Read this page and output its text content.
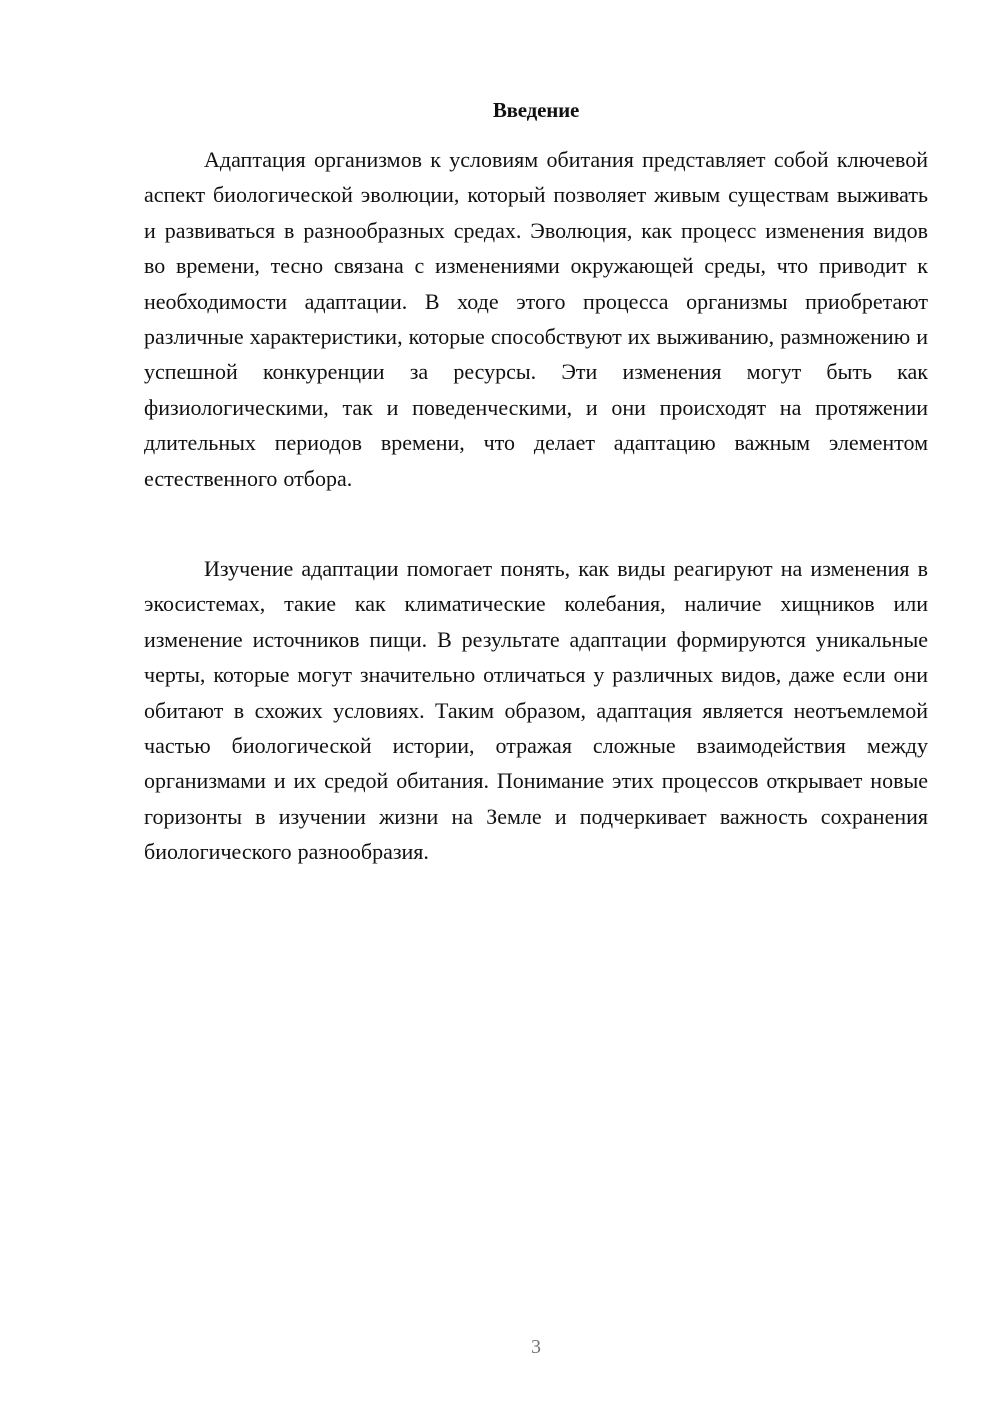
Введение

Адаптация организмов к условиям обитания представляет собой ключевой аспект биологической эволюции, который позволяет живым существам выживать и развиваться в разнообразных средах. Эволюция, как процесс изменения видов во времени, тесно связана с изменениями окружающей среды, что приводит к необходимости адаптации. В ходе этого процесса организмы приобретают различные характеристики, которые способствуют их выживанию, размножению и успешной конкуренции за ресурсы. Эти изменения могут быть как физиологическими, так и поведенческими, и они происходят на протяжении длительных периодов времени, что делает адаптацию важным элементом естественного отбора.

Изучение адаптации помогает понять, как виды реагируют на изменения в экосистемах, такие как климатические колебания, наличие хищников или изменение источников пищи. В результате адаптации формируются уникальные черты, которые могут значительно отличаться у различных видов, даже если они обитают в схожих условиях. Таким образом, адаптация является неотъемлемой частью биологической истории, отражая сложные взаимодействия между организмами и их средой обитания. Понимание этих процессов открывает новые горизонты в изучении жизни на Земле и подчеркивает важность сохранения биологического разнообразия.

3
